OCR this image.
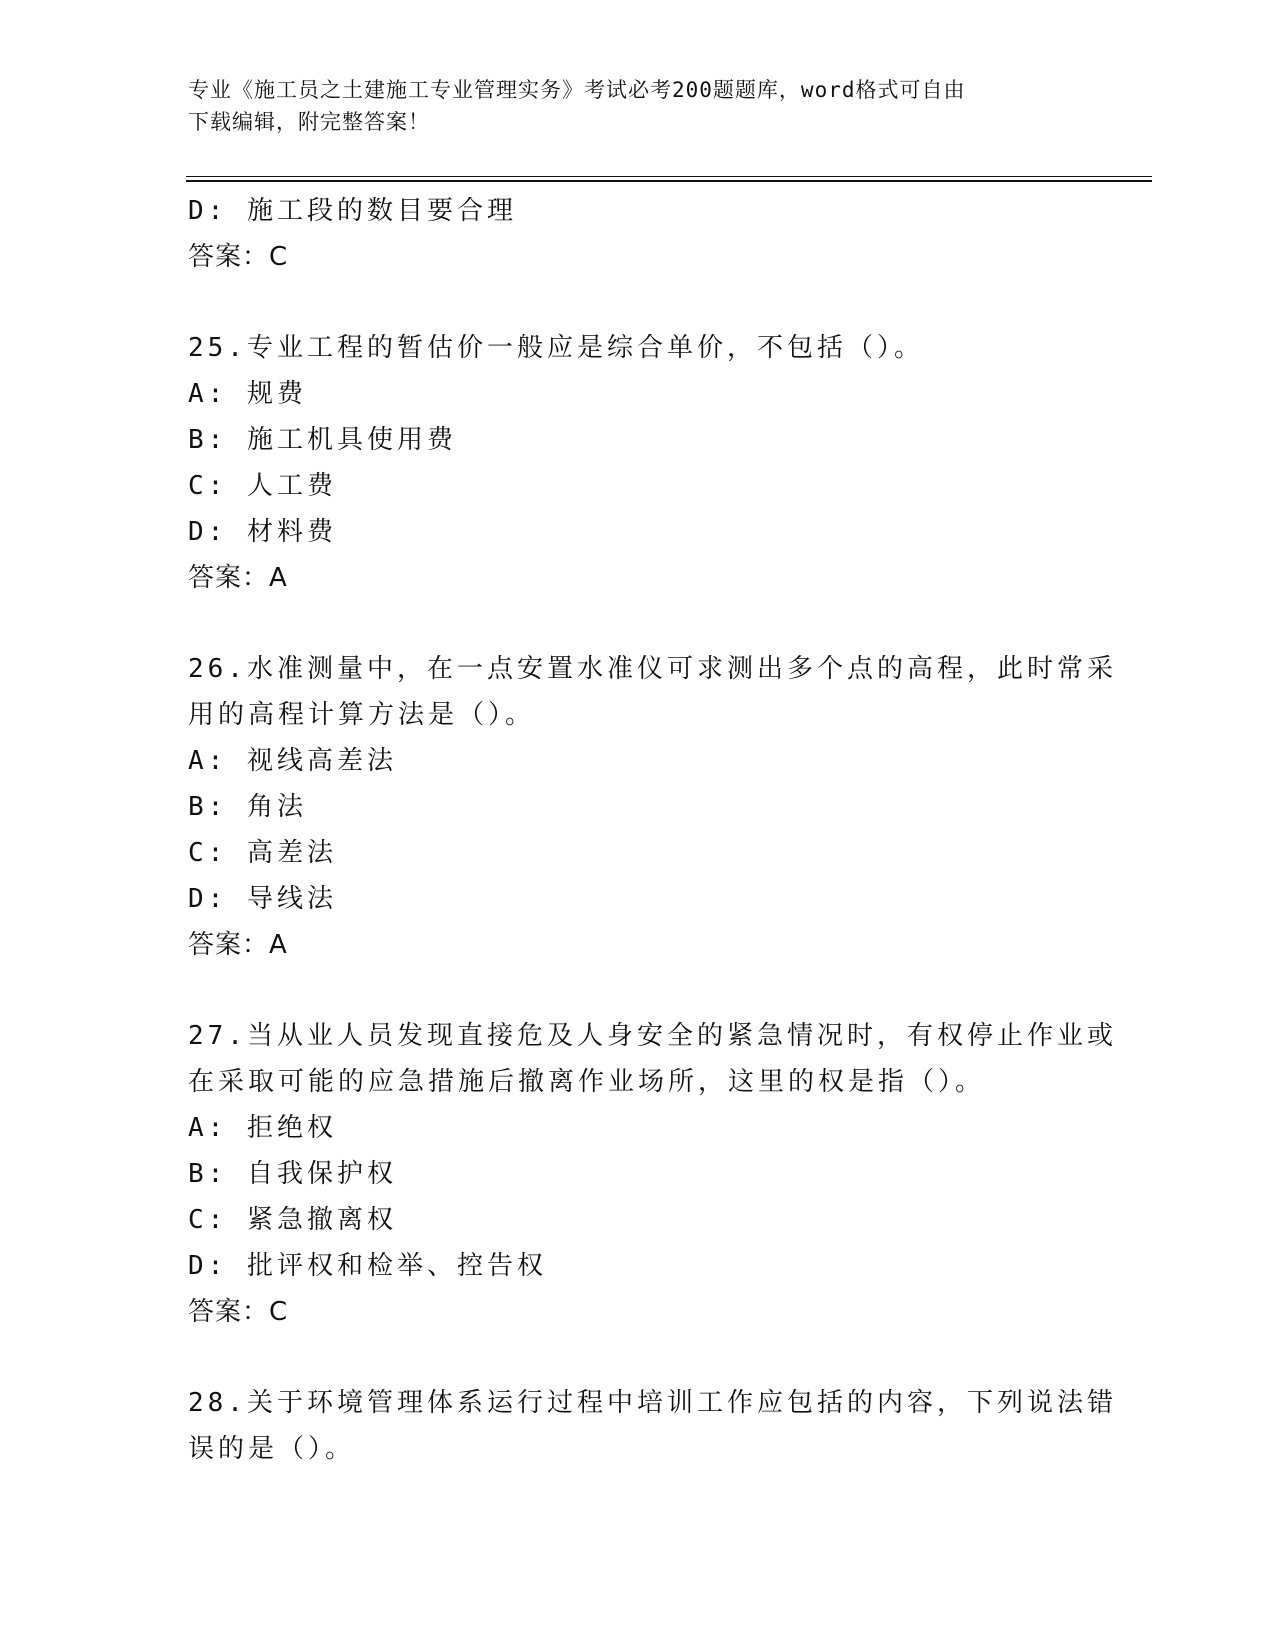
专业《施工员之土建施工专业管理实务》考试必考200题题库，word格式可自由
下载编辑，附完整答案！
D: 施工段的数目要合理
答案：C
25.专业工程的暂估价一般应是综合单价，不包括（）。
A: 规费
B: 施工机具使用费
C: 人工费
D: 材料费
答案：A
26.水准测量中，在一点安置水准仪可求测出多个点的高程，此时常采
用的高程计算方法是（）。
A: 视线高差法
B: 角法
C: 高差法
D: 导线法
答案：A
27.当从业人员发现直接危及人身安全的紧急情况时，有权停止作业或
在采取可能的应急措施后撤离作业场所，这里的权是指（）。
A: 拒绝权
B: 自我保护权
C: 紧急撤离权
D: 批评权和检举、控告权
答案：C
28.关于环境管理体系运行过程中培训工作应包括的内容，下列说法错
误的是（）。
